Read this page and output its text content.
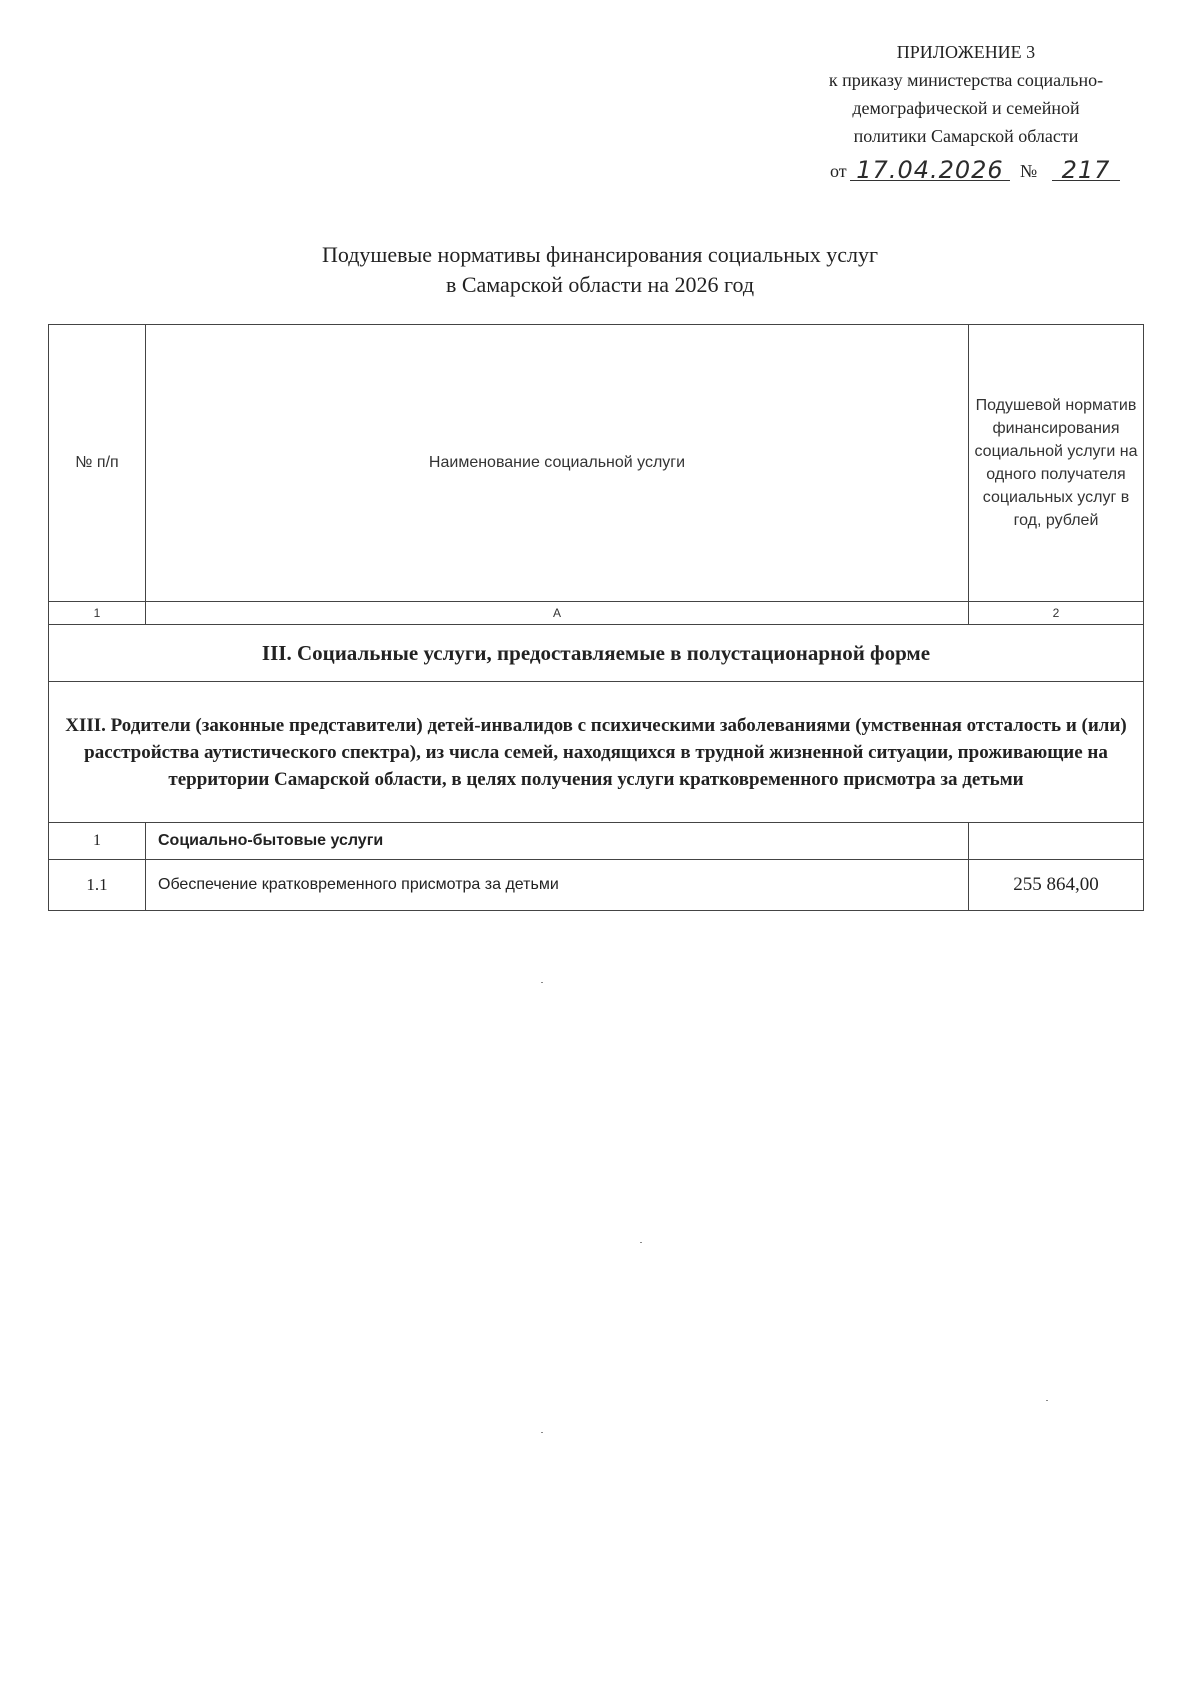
ПРИЛОЖЕНИЕ 3
к приказу министерства социально-
демографической и семейной
политики Самарской области
от 17.04.2026 №	217
Подушевые нормативы финансирования социальных услуг
в Самарской области на 2026 год
№ п/п	Наименование социальной услуги	Подушевой норматив финансирования социальной услуги на одного получателя социальных услуг в год, рублей
1	А	2
III. Социальные услуги, предоставляемые в полустационарной форме		
XIII. Родители (законные представители) детей-инвалидов с психическими заболеваниями (умственная отсталость и (или) расстройства аутистического спектра), из числа семей, находящихся в трудной жизненной ситуации, проживающие на территории Самарской области, в целях получения услуги кратковременного присмотра за детьми		
1	Социально-бытовые услуги	
1.1	Обеспечение кратковременного присмотра за детьми	255 864,00
